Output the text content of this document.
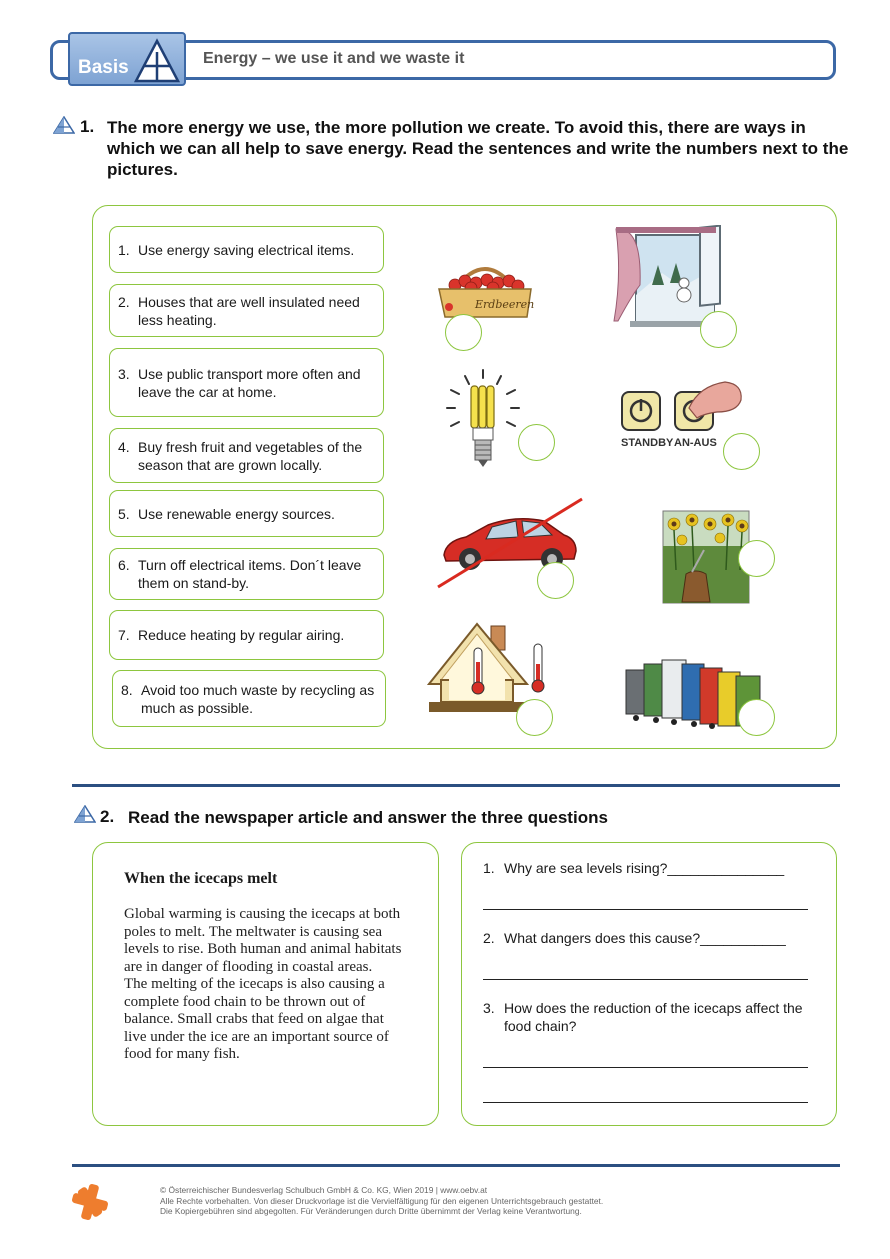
Basis	Energy – we use it and we waste it
1. The more energy we use, the more pollution we create. To avoid this, there are ways in which we can all help to save energy. Read the sentences and write the numbers next to the pictures.
1. Use energy saving electrical items.
2. Houses that are well insulated need less heating.
3. Use public transport more often and leave the car at home.
4. Buy fresh fruit and vegetables of the season that are grown locally.
5. Use renewable energy sources.
6. Turn off electrical items. Don´t leave them on stand-by.
7. Reduce heating by regular airing.
8. Avoid too much waste by recycling as much as possible.
Erdbeeren
STANDBY AN-AUS
2. Read the newspaper article and answer the three questions
When the icecaps melt

Global warming is causing the icecaps at both poles to melt. The meltwater is causing sea levels to rise. Both human and animal habitats are in danger of flooding in coastal areas.

The melting of the icecaps is also causing a complete food chain to be thrown out of balance. Small crabs that feed on algae that live under the ice are an important source of food for many fish.

1. Why are sea levels rising?_______________
2. What dangers does this cause?___________
3. How does the reduction of the icecaps affect the food chain?
© Österreichischer Bundesverlag Schulbuch GmbH & Co. KG, Wien 2019 | www.oebv.at
Alle Rechte vorbehalten. Von dieser Druckvorlage ist die Vervielfältigung für den eigenen Unterrichtsgebrauch gestattet.
Die Kopiergebühren sind abgegolten. Für Veränderungen durch Dritte übernimmt der Verlag keine Verantwortung.
